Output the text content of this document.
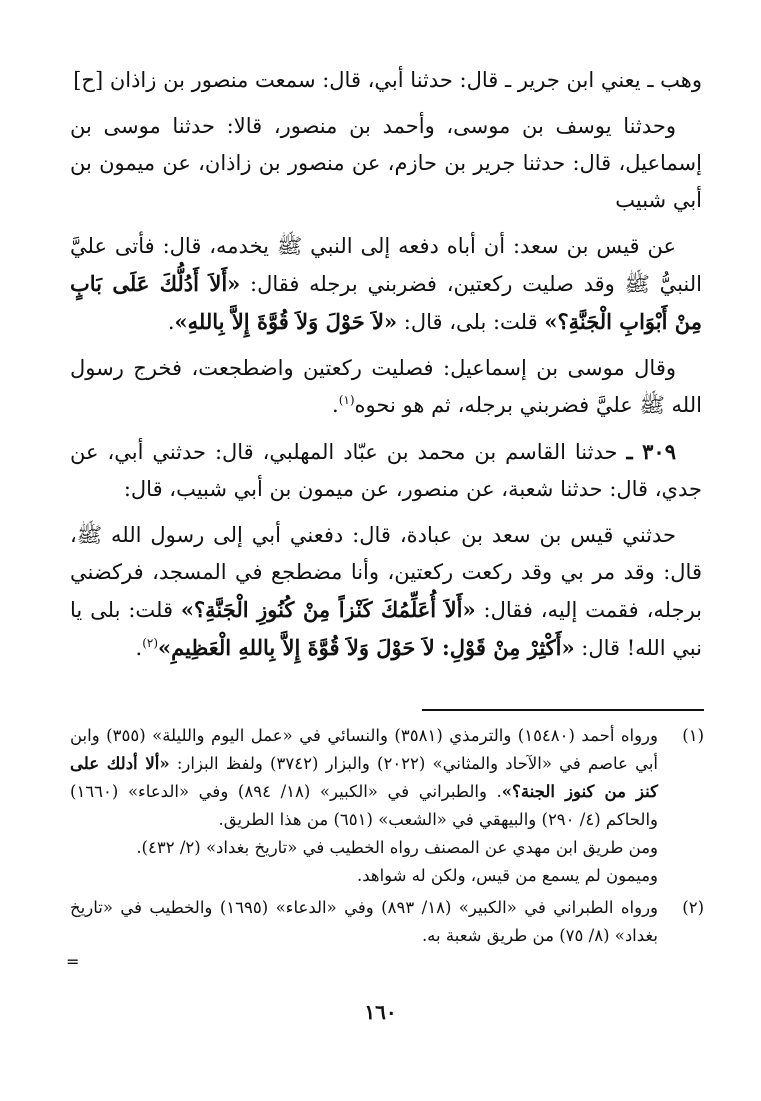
وهب ـ يعني ابن جرير ـ قال: حدثنا أبي، قال: سمعت منصور بن زاذان [ح]

وحدثنا يوسف بن موسى، وأحمد بن منصور، قالا: حدثنا موسى بن إسماعيل، قال: حدثنا جرير بن حازم، عن منصور بن زاذان، عن ميمون بن أبي شبيب

عن قيس بن سعد: أن أباه دفعه إلى النبي ﷺ يخدمه، قال: فأتى عليَّ النبيُّ ﷺ وقد صليت ركعتين، فضربني برجله فقال: «أَلاَ أَدُلُّكَ عَلَى بَابٍ مِنْ أَبْوَابِ الْجَنَّةِ؟» قلت: بلى، قال: «لاَ حَوْلَ وَلاَ قُوَّةَ إِلاَّ بِاللهِ».

وقال موسى بن إسماعيل: فصليت ركعتين واضطجعت، فخرج رسول الله ﷺ عليَّ فضربني برجله، ثم هو نحوه$^{(١)}$.

٣٠٩ ـ حدثنا القاسم بن محمد بن عبّاد المهلبي، قال: حدثني أبي، عن جدي، قال: حدثنا شعبة، عن منصور، عن ميمون بن أبي شبيب، قال:

حدثني قيس بن سعد بن عبادة، قال: دفعني أبي إلى رسول الله ﷺ، قال: وقد مر بي وقد ركعت ركعتين، وأنا مضطجع في المسجد، فركضني برجله، فقمت إليه، فقال: «أَلاَ أُعَلِّمُكَ كَنْزاً مِنْ كُنُوزِ الْجَنَّةِ؟» قلت: بلى يا نبي الله! قال: «أَكْثِرْ مِنْ قَوْلِ: لاَ حَوْلَ وَلاَ قُوَّةَ إِلاَّ بِاللهِ الْعَظِيمِ»$^{(٢)}$.

(١)
ورواه أحمد (١٥٤٨٠) والترمذي (٣٥٨١) والنسائي في «عمل اليوم والليلة» (٣٥٥) وابن أبي عاصم في «الآحاد والمثاني» (٢٠٢٢) والبزار (٣٧٤٢) ولفظ البزار: «ألا أدلك على كنز من كنوز الجنة؟». والطبراني في «الكبير» (١٨/ ٨٩٤) وفي «الدعاء» (١٦٦٠) والحاكم (٤/ ٢٩٠) والبيهقي في «الشعب» (٦٥١) من هذا الطريق.
ومن طريق ابن مهدي عن المصنف رواه الخطيب في «تاريخ بغداد» (٢/ ٤٣٢).
وميمون لم يسمع من قيس، ولكن له شواهد.
(٢)
ورواه الطبراني في «الكبير» (١٨/ ٨٩٣) وفي «الدعاء» (١٦٩٥) والخطيب في «تاريخ بغداد» (٨/ ٧٥) من طريق شعبة به.
=
١٦٠
